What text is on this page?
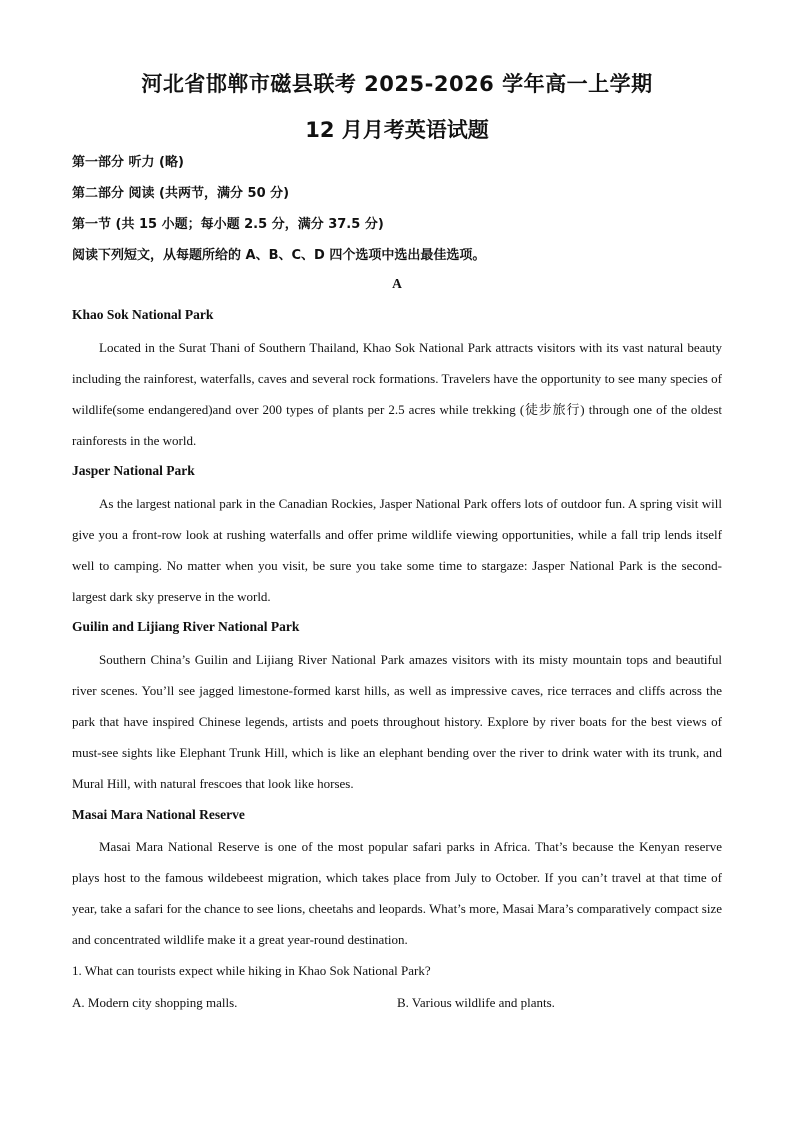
河北省邯郸市磁县联考 2025-2026 学年高一上学期
12 月月考英语试题
第一部分 听力 (略)
第二部分 阅读 (共两节，满分 50 分)
第一节 (共 15 小题；每小题 2.5 分，满分 37.5 分)
阅读下列短文，从每题所给的 A、B、C、D 四个选项中选出最佳选项。
A
Khao Sok National Park

Located in the Surat Thani of Southern Thailand, Khao Sok National Park attracts visitors with its vast natural beauty including the rainforest, waterfalls, caves and several rock formations. Travelers have the opportunity to see many species of wildlife(some endangered)and over 200 types of plants per 2.5 acres while trekking (徒步旅行) through one of the oldest rainforests in the world.

Jasper National Park

As the largest national park in the Canadian Rockies, Jasper National Park offers lots of outdoor fun. A spring visit will give you a front-row look at rushing waterfalls and offer prime wildlife viewing opportunities, while a fall trip lends itself well to camping. No matter when you visit, be sure you take some time to stargaze: Jasper National Park is the second-largest dark sky preserve in the world.

Guilin and Lijiang River National Park

Southern China’s Guilin and Lijiang River National Park amazes visitors with its misty mountain tops and beautiful river scenes. You’ll see jagged limestone-formed karst hills, as well as impressive caves, rice terraces and cliffs across the park that have inspired Chinese legends, artists and poets throughout history. Explore by river boats for the best views of must-see sights like Elephant Trunk Hill, which is like an elephant bending over the river to drink water with its trunk, and Mural Hill, with natural frescoes that look like horses.

Masai Mara National Reserve

Masai Mara National Reserve is one of the most popular safari parks in Africa. That’s because the Kenyan reserve plays host to the famous wildebeest migration, which takes place from July to October. If you can’t travel at that time of year, take a safari for the chance to see lions, cheetahs and leopards. What’s more, Masai Mara’s comparatively compact size and concentrated wildlife make it a great year-round destination.

1. What can tourists expect while hiking in Khao Sok National Park?
A. Modern city shopping malls.	B. Various wildlife and plants.
